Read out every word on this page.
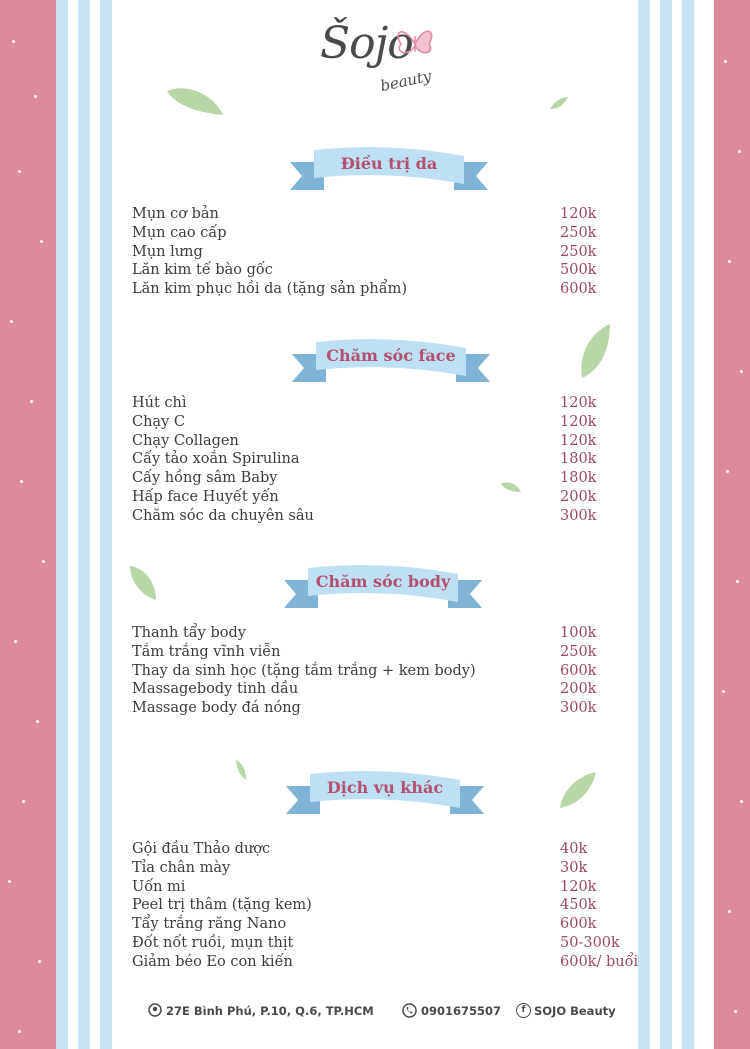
Šojo
beauty
Điều trị da
Chăm sóc face
Chăm sóc body
Dịch vụ khác
Mụn cơ bản	120k
Mụn cao cấp	250k
Mụn lưng	250k
Lăn kim tế bào gốc	500k
Lăn kim phục hồi da (tặng sản phẩm)	600k
Hút chì	120k
Chạy C	120k
Chạy Collagen	120k
Cấy tảo xoắn Spirulina	180k
Cấy hồng sâm Baby	180k
Hấp face Huyết yến	200k
Chăm sóc da chuyên sâu	300k
Thanh tẩy body	100k
Tắm trắng vĩnh viễn	250k
Thay da sinh học (tặng tắm trắng + kem body)	600k
Massagebody tinh dầu	200k
Massage body đá nóng	300k
Gội đầu Thảo dược	40k
Tỉa chân mày	30k
Uốn mi	120k
Peel trị thâm (tặng kem)	450k
Tẩy trắng răng Nano	600k
Đốt nốt ruồi, mụn thịt	50-300k
Giảm béo Eo con kiến	600k/ buổi
27E Bình Phú, P.10, Q.6, TP.HCM	0901675507	f SOJO Beauty
